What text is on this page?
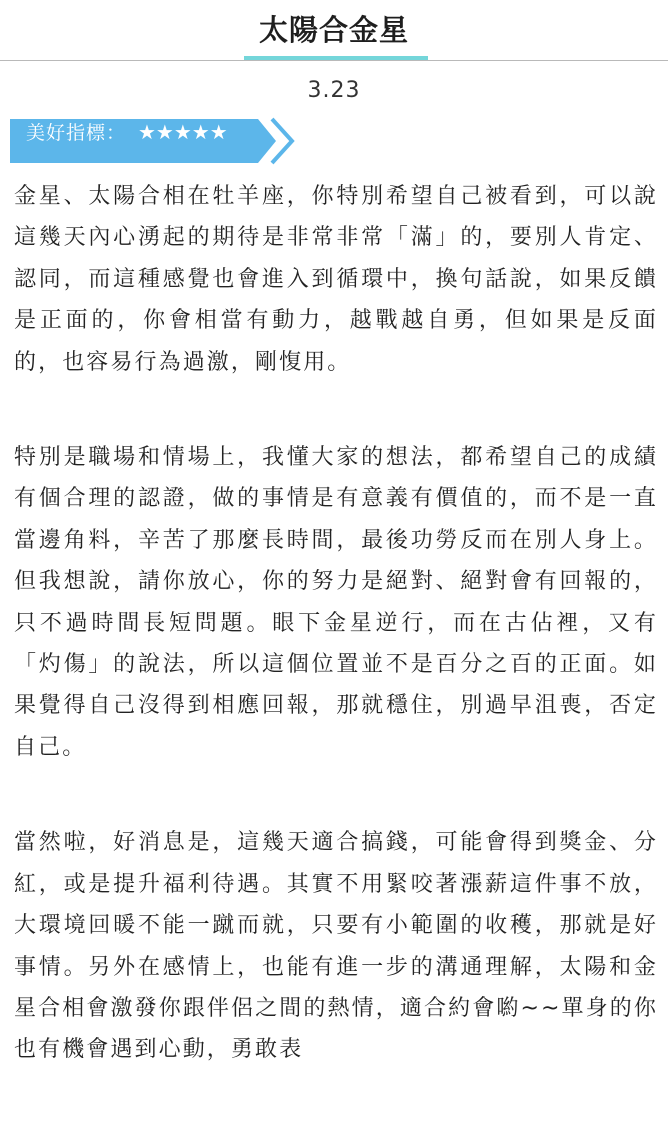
太陽合金星
3.23
美好指標： ★★★★★

金星、太陽合相在牡羊座，你特別希望自己被看到，可以說這幾天內心湧起的期待是非常非常「滿」的，要別人肯定、認同，而這種感覺也會進入到循環中，換句話說，如果反饋是正面的，你會相當有動力，越戰越自勇，但如果是反面的，也容易行為過激，剛愎用。

特別是職場和情場上，我懂大家的想法，都希望自己的成績有個合理的認證，做的事情是有意義有價值的，而不是一直當邊角料，辛苦了那麼長時間，最後功勞反而在別人身上。但我想說，請你放心，你的努力是絕對、絕對會有回報的，只不過時間長短問題。眼下金星逆行，而在古佔裡，又有「灼傷」的說法，所以這個位置並不是百分之百的正面。如果覺得自己沒得到相應回報，那就穩住，別過早沮喪，否定自己。

當然啦，好消息是，這幾天適合搞錢，可能會得到獎金、分紅，或是提升福利待遇。其實不用緊咬著漲薪這件事不放，大環境回暖不能一蹴而就，只要有小範圍的收穫，那就是好事情。另外在感情上，也能有進一步的溝通理解，太陽和金星合相會激發你跟伴侶之間的熱情，適合約會喲~~單身的你也有機會遇到心動，勇敢表
